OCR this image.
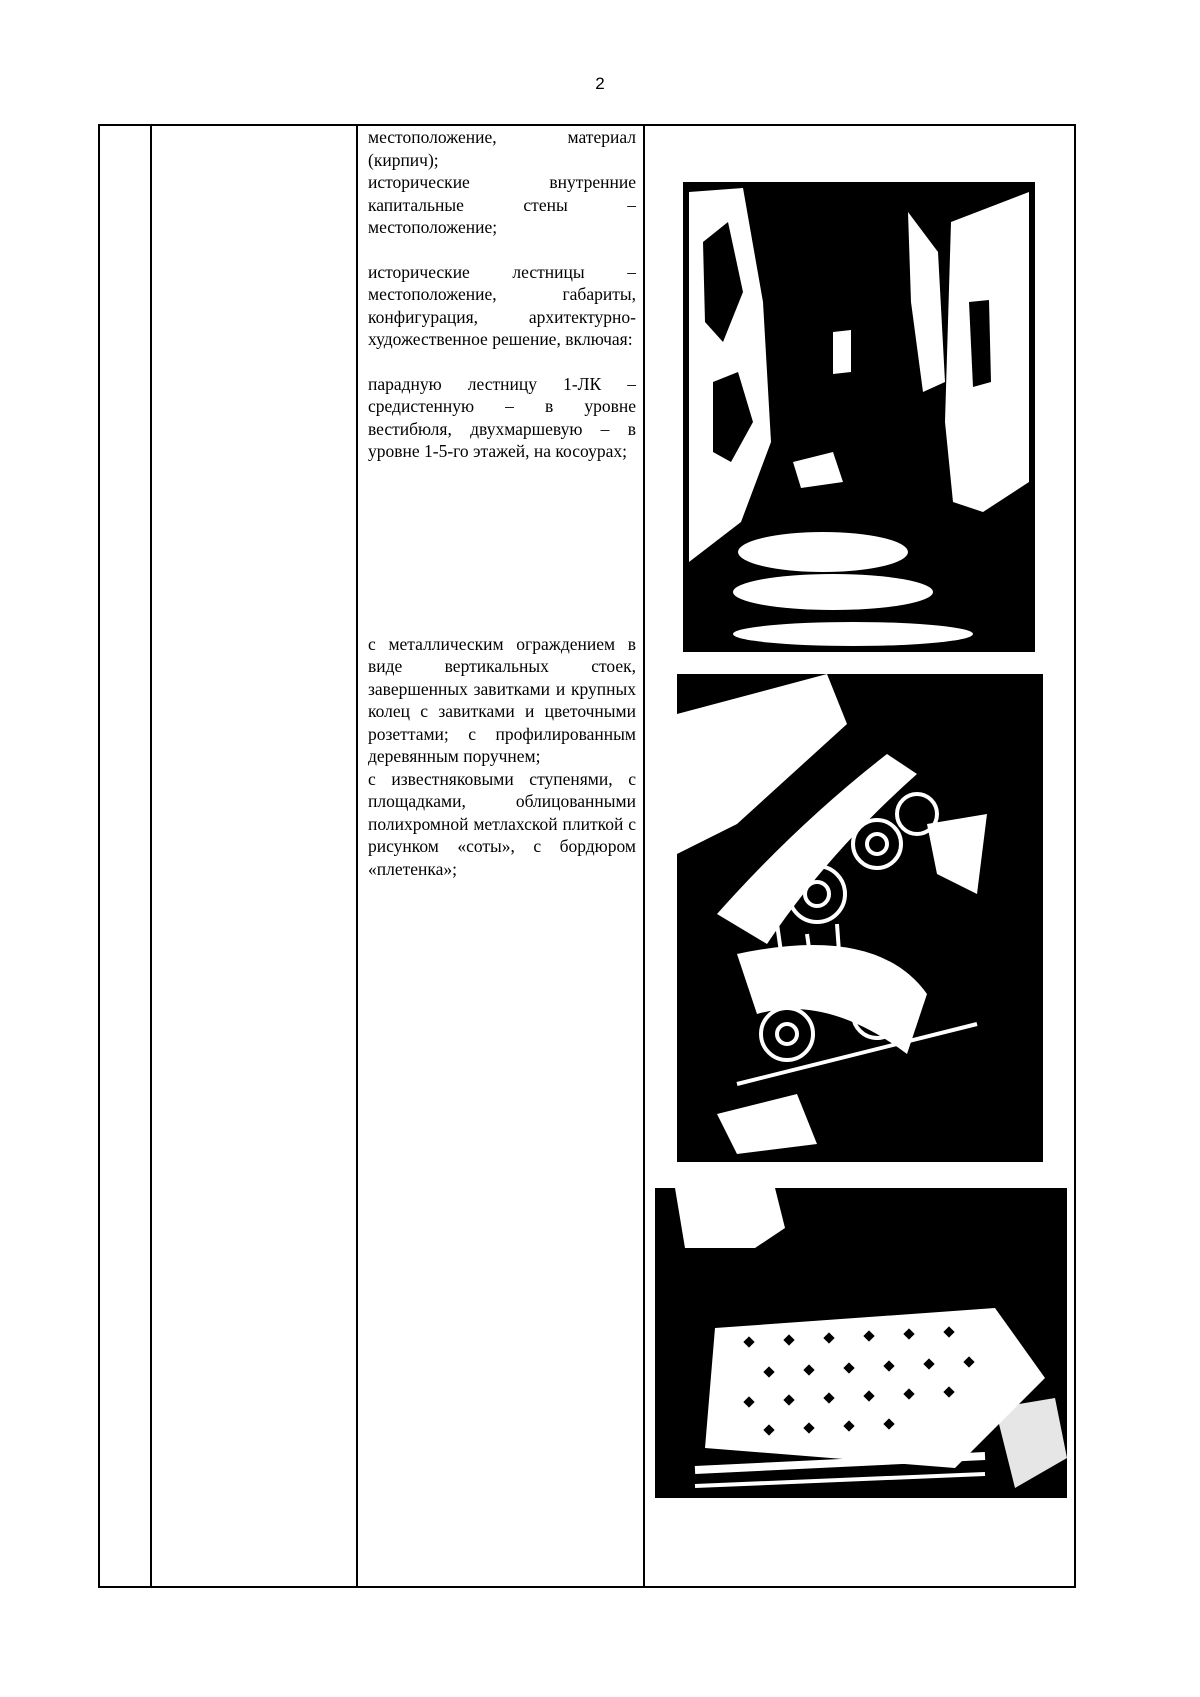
2

местоположение, материал (кирпич);

исторические внутренние капитальные стены – местоположение;

исторические лестницы – местоположение, габариты, конфигурация, архитектурно-художественное решение, включая:

парадную лестницу 1-ЛК – средистенную – в уровне вестибюля, двухмаршевую – в уровне 1-5-го этажей, на косоурах;

с металлическим ограждением в виде вертикальных стоек, завершенных завитками и крупных колец с завитками и цветочными розеттами; с профилированным деревянным поручнем;

с известняковыми ступенями, с площадками, облицованными полихромной метлахской плиткой с рисунком «соты», с бордюром «плетенка»;
